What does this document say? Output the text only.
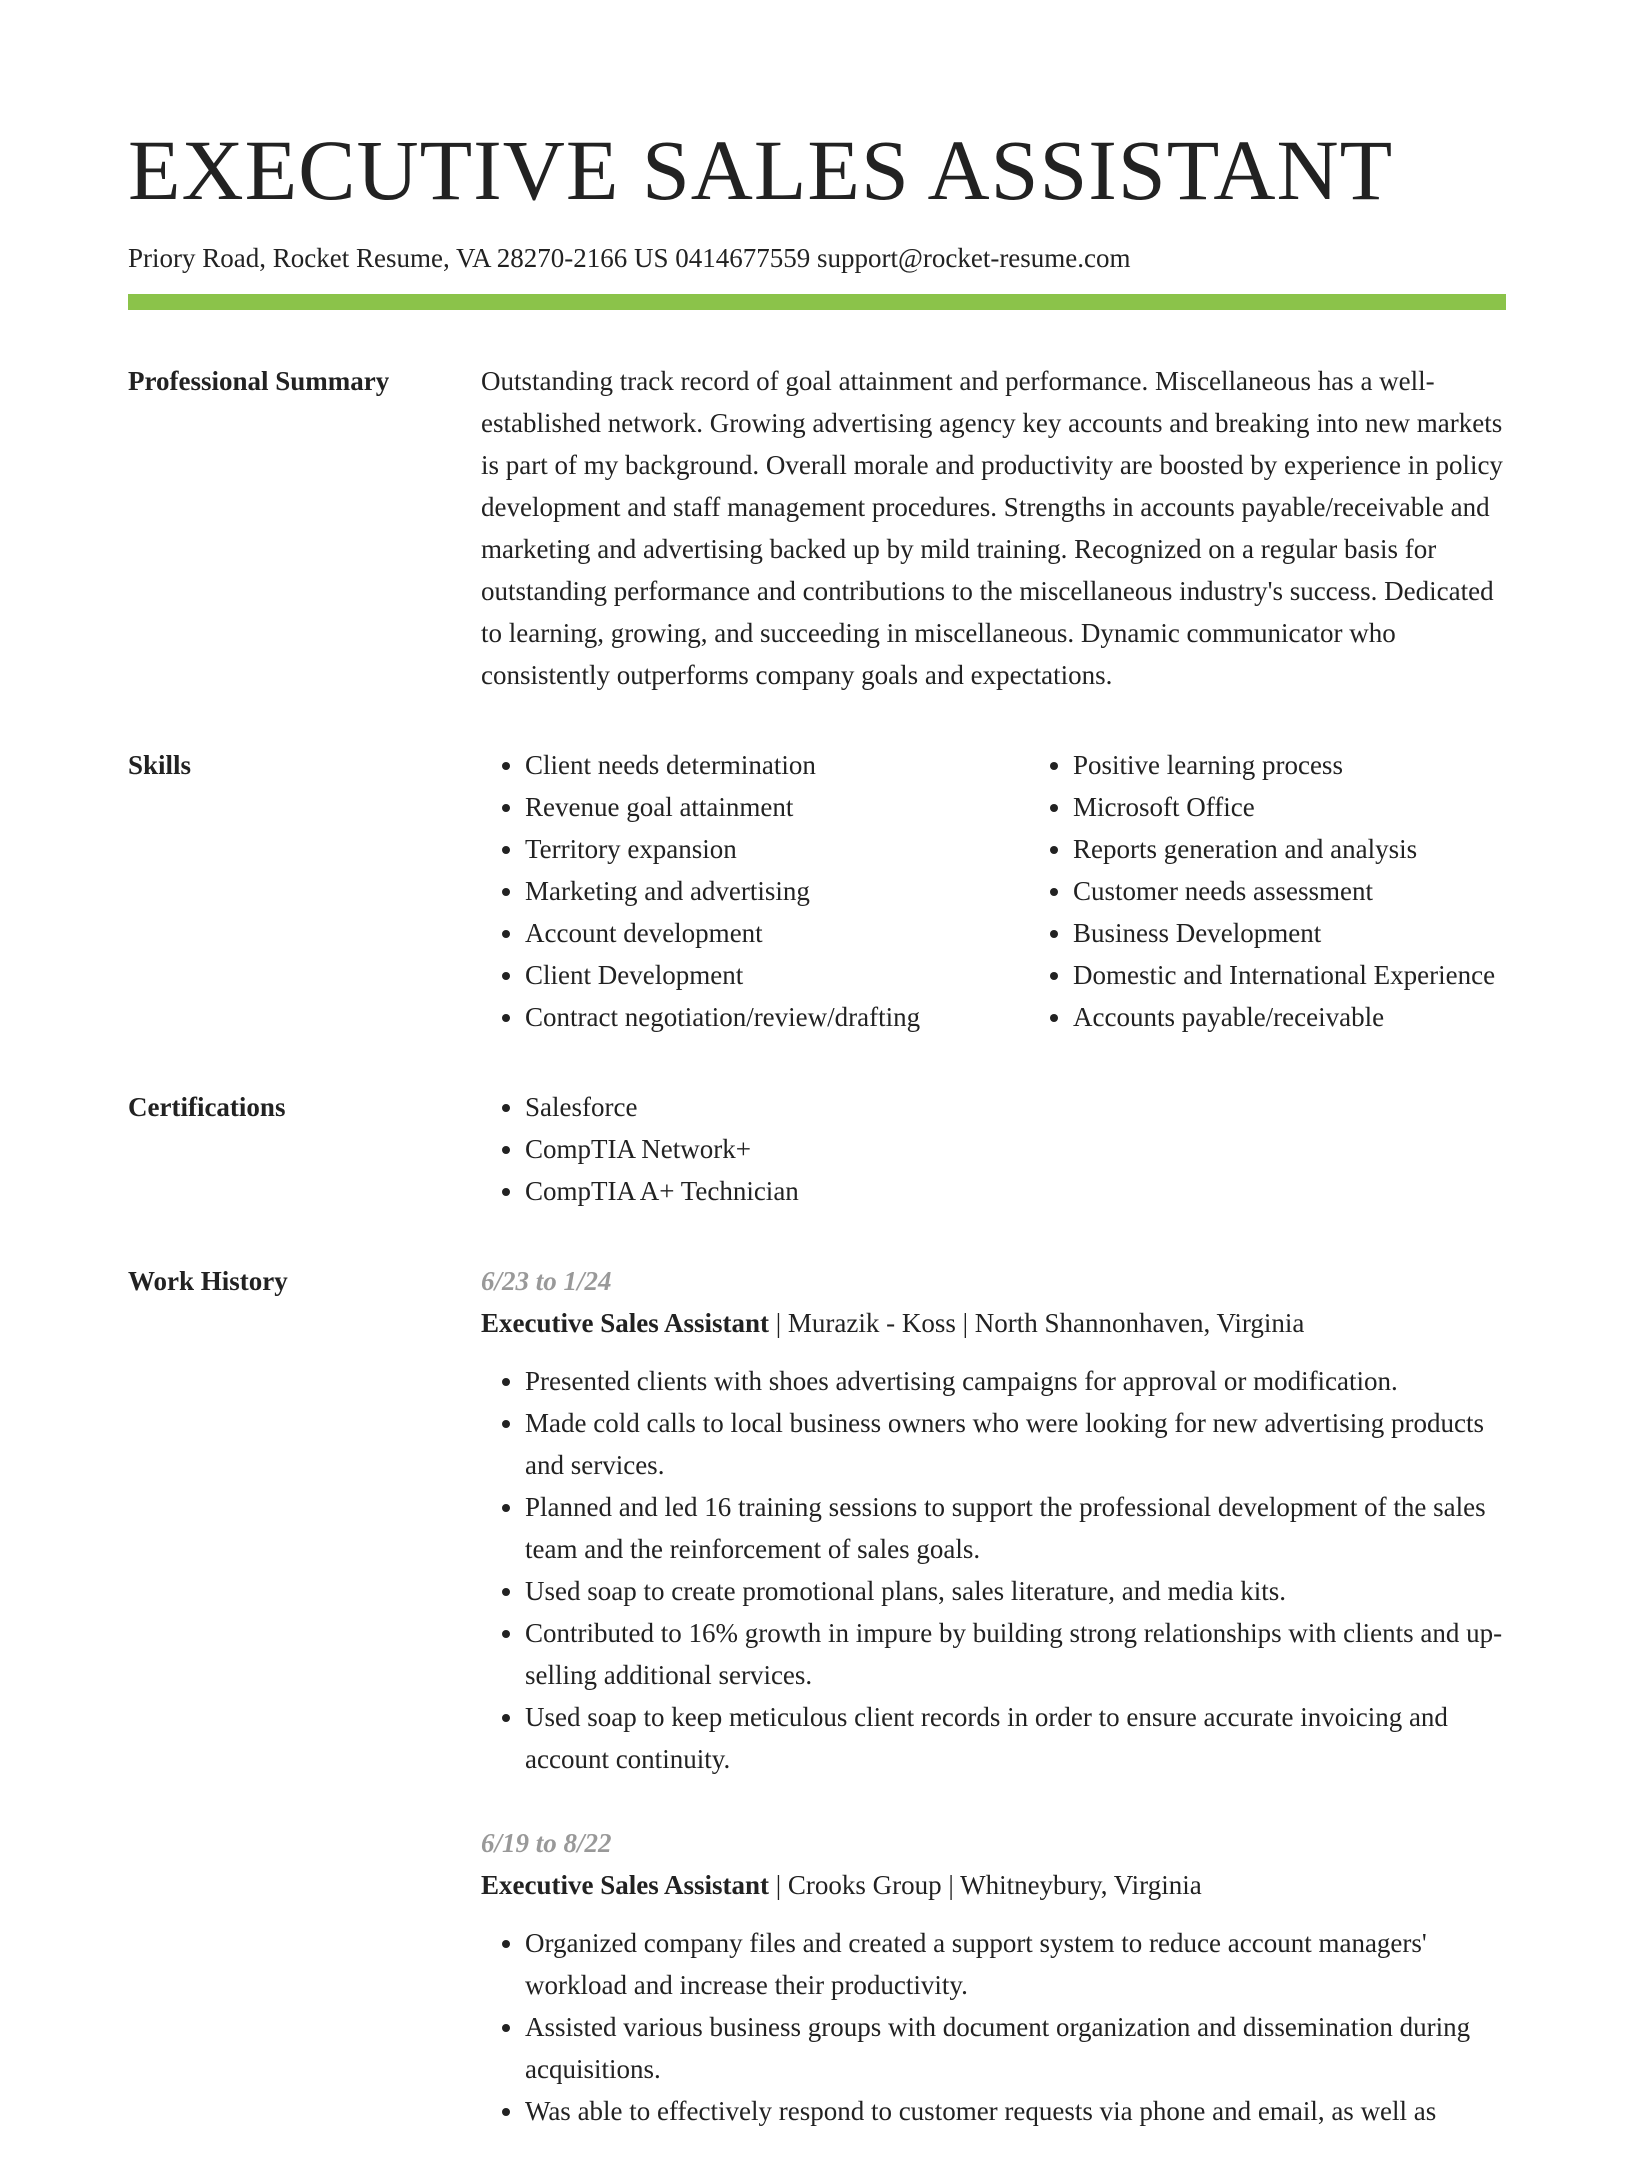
EXECUTIVE SALES ASSISTANT
Priory Road, Rocket Resume, VA 28270-2166 US 0414677559 support@rocket-resume.com
Professional Summary	Outstanding track record of goal attainment and performance. Miscellaneous has a well-established network. Growing advertising agency key accounts and breaking into new markets is part of my background. Overall morale and productivity are boosted by experience in policy development and staff management procedures. Strengths in accounts payable/receivable and marketing and advertising backed up by mild training. Recognized on a regular basis for outstanding performance and contributions to the miscellaneous industry's success. Dedicated to learning, growing, and succeeding in miscellaneous. Dynamic communicator who consistently outperforms company goals and expectations.

Skills	• Client needs determination
• Revenue goal attainment
• Territory expansion
• Marketing and advertising
• Account development
• Client Development
• Contract negotiation/review/drafting
• Positive learning process
• Microsoft Office
• Reports generation and analysis
• Customer needs assessment
• Business Development
• Domestic and International Experience
• Accounts payable/receivable
Certifications	• Salesforce
• CompTIA Network+
• CompTIA A+ Technician
Work History	6/23 to 1/24
Executive Sales Assistant | Murazik - Koss | North Shannonhaven, Virginia
• Presented clients with shoes advertising campaigns for approval or modification.
• Made cold calls to local business owners who were looking for new advertising products and services.
• Planned and led 16 training sessions to support the professional development of the sales team and the reinforcement of sales goals.
• Used soap to create promotional plans, sales literature, and media kits.
• Contributed to 16% growth in impure by building strong relationships with clients and up-selling additional services.
• Used soap to keep meticulous client records in order to ensure accurate invoicing and account continuity.
6/19 to 8/22
Executive Sales Assistant | Crooks Group | Whitneybury, Virginia
• Organized company files and created a support system to reduce account managers' workload and increase their productivity.
• Assisted various business groups with document organization and dissemination during acquisitions.
• Was able to effectively respond to customer requests via phone and email, as well as
